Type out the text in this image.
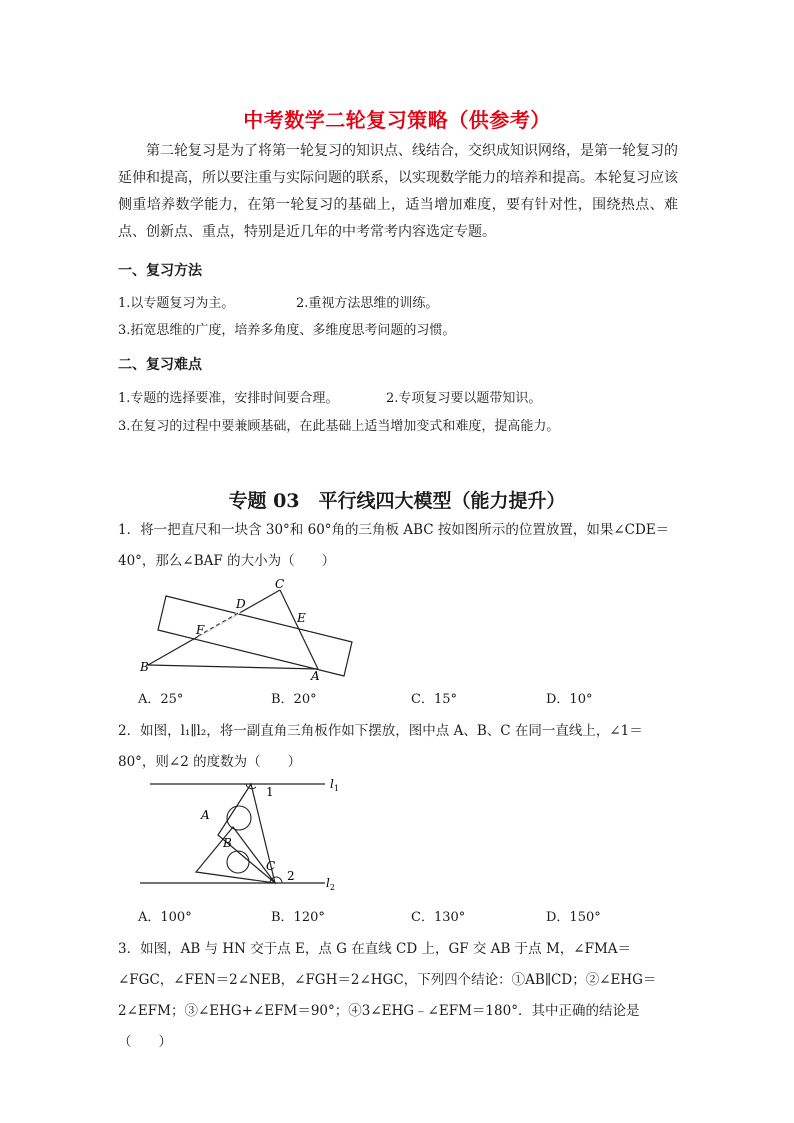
中考数学二轮复习策略（供参考）
第二轮复习是为了将第一轮复习的知识点、线结合，交织成知识网络，是第一轮复习的延伸和提高，所以要注重与实际问题的联系，以实现数学能力的培养和提高。本轮复习应该侧重培养数学能力，在第一轮复习的基础上，适当增加难度，要有针对性，围绕热点、难点、创新点、重点，特别是近几年的中考常考内容选定专题。
一、复习方法
1.以专题复习为主。	2.重视方法思维的训练。
3.拓宽思维的广度，培养多角度、多维度思考问题的习惯。
二、复习难点
1.专题的选择要准，安排时间要合理。	2.专项复习要以题带知识。
3.在复习的过程中要兼顾基础，在此基础上适当增加变式和难度，提高能力。
专题 03　平行线四大模型（能力提升）
1．将一把直尺和一块含 30°和 60°角的三角板 ABC 按如图所示的位置放置，如果∠CDE＝40°，那么∠BAF 的大小为（　　）
C
D
E
F
B
A
A．25°	B．20°	C．15°	D．10°
2．如图，l₁∥l₂，将一副直角三角板作如下摆放，图中点 A、B、C 在同一直线上，∠1＝80°，则∠2 的度数为（　　）
$l_1$
$l_2$
1
2
A
B
C
A．100°	B．120°	C．130°	D．150°
3．如图，AB 与 HN 交于点 E，点 G 在直线 CD 上，GF 交 AB 于点 M，∠FMA＝∠FGC，∠FEN＝2∠NEB，∠FGH＝2∠HGC，下列四个结论：①AB∥CD；②∠EHG＝2∠EFM；③∠EHG+∠EFM＝90°；④3∠EHG﹣∠EFM＝180°．其中正确的结论是（　　）
